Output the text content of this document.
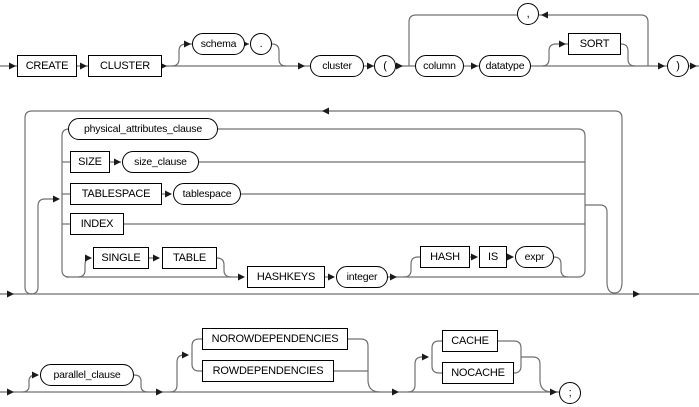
CREATE	CLUSTER
schema	.
cluster	(
,
column	datatype
SORT
)
physical_attributes_clause
SIZE	size_clause
TABLESPACE	tablespace
INDEX
SINGLE	TABLE
HASHKEYS	integer
HASH	IS	expr
parallel_clause
NOROWDEPENDENCIES
ROWDEPENDENCIES
CACHE
NOCACHE
;
